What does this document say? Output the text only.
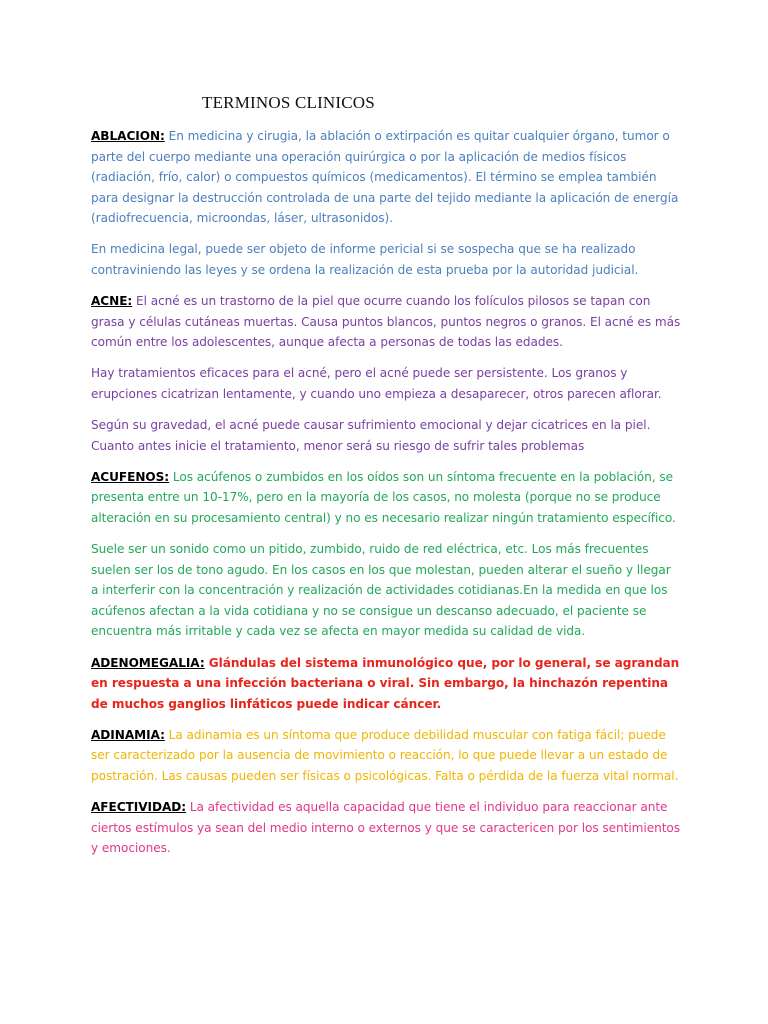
TERMINOS CLINICOS

ABLACION: En medicina y cirugia, la ablación o extirpación es quitar cualquier órgano, tumor o parte del cuerpo mediante una operación quirúrgica o por la aplicación de medios físicos (radiación, frío, calor) o compuestos químicos (medicamentos). El término se emplea también para designar la destrucción controlada de una parte del tejido mediante la aplicación de energía (radiofrecuencia, microondas, láser, ultrasonidos).

En medicina legal, puede ser objeto de informe pericial si se sospecha que se ha realizado contraviniendo las leyes y se ordena la realización de esta prueba por la autoridad judicial.

ACNE: El acné es un trastorno de la piel que ocurre cuando los folículos pilosos se tapan con grasa y células cutáneas muertas. Causa puntos blancos, puntos negros o granos. El acné es más común entre los adolescentes, aunque afecta a personas de todas las edades.

Hay tratamientos eficaces para el acné, pero el acné puede ser persistente. Los granos y erupciones cicatrizan lentamente, y cuando uno empieza a desaparecer, otros parecen aflorar.

Según su gravedad, el acné puede causar sufrimiento emocional y dejar cicatrices en la piel. Cuanto antes inicie el tratamiento, menor será su riesgo de sufrir tales problemas

ACUFENOS: Los acúfenos o zumbidos en los oídos son un síntoma frecuente en la población, se presenta entre un 10-17%, pero en la mayoría de los casos, no molesta (porque no se produce alteración en su procesamiento central) y no es necesario realizar ningún tratamiento específico.

Suele ser un sonido como un pitido, zumbido, ruido de red eléctrica, etc. Los más frecuentes suelen ser los de tono agudo. En los casos en los que molestan, pueden alterar el sueño y llegar a interferir con la concentración y realización de actividades cotidianas.En la medida en que los acúfenos afectan a la vida cotidiana y no se consigue un descanso adecuado, el paciente se encuentra más irritable y cada vez se afecta en mayor medida su calidad de vida.

ADENOMEGALIA: Glándulas del sistema inmunológico que, por lo general, se agrandan en respuesta a una infección bacteriana o viral. Sin embargo, la hinchazón repentina de muchos ganglios linfáticos puede indicar cáncer.

ADINAMIA: La adinamia es un síntoma que produce debilidad muscular con fatiga fácil; puede ser caracterizado por la ausencia de movimiento o reacción, lo que puede llevar a un estado de postración. Las causas pueden ser físicas o psicológicas. Falta o pérdida de la fuerza vital normal.

AFECTIVIDAD: La afectividad es aquella capacidad que tiene el individuo para reaccionar ante ciertos estímulos ya sean del medio interno o externos y que se caractericen por los sentimientos y emociones.
